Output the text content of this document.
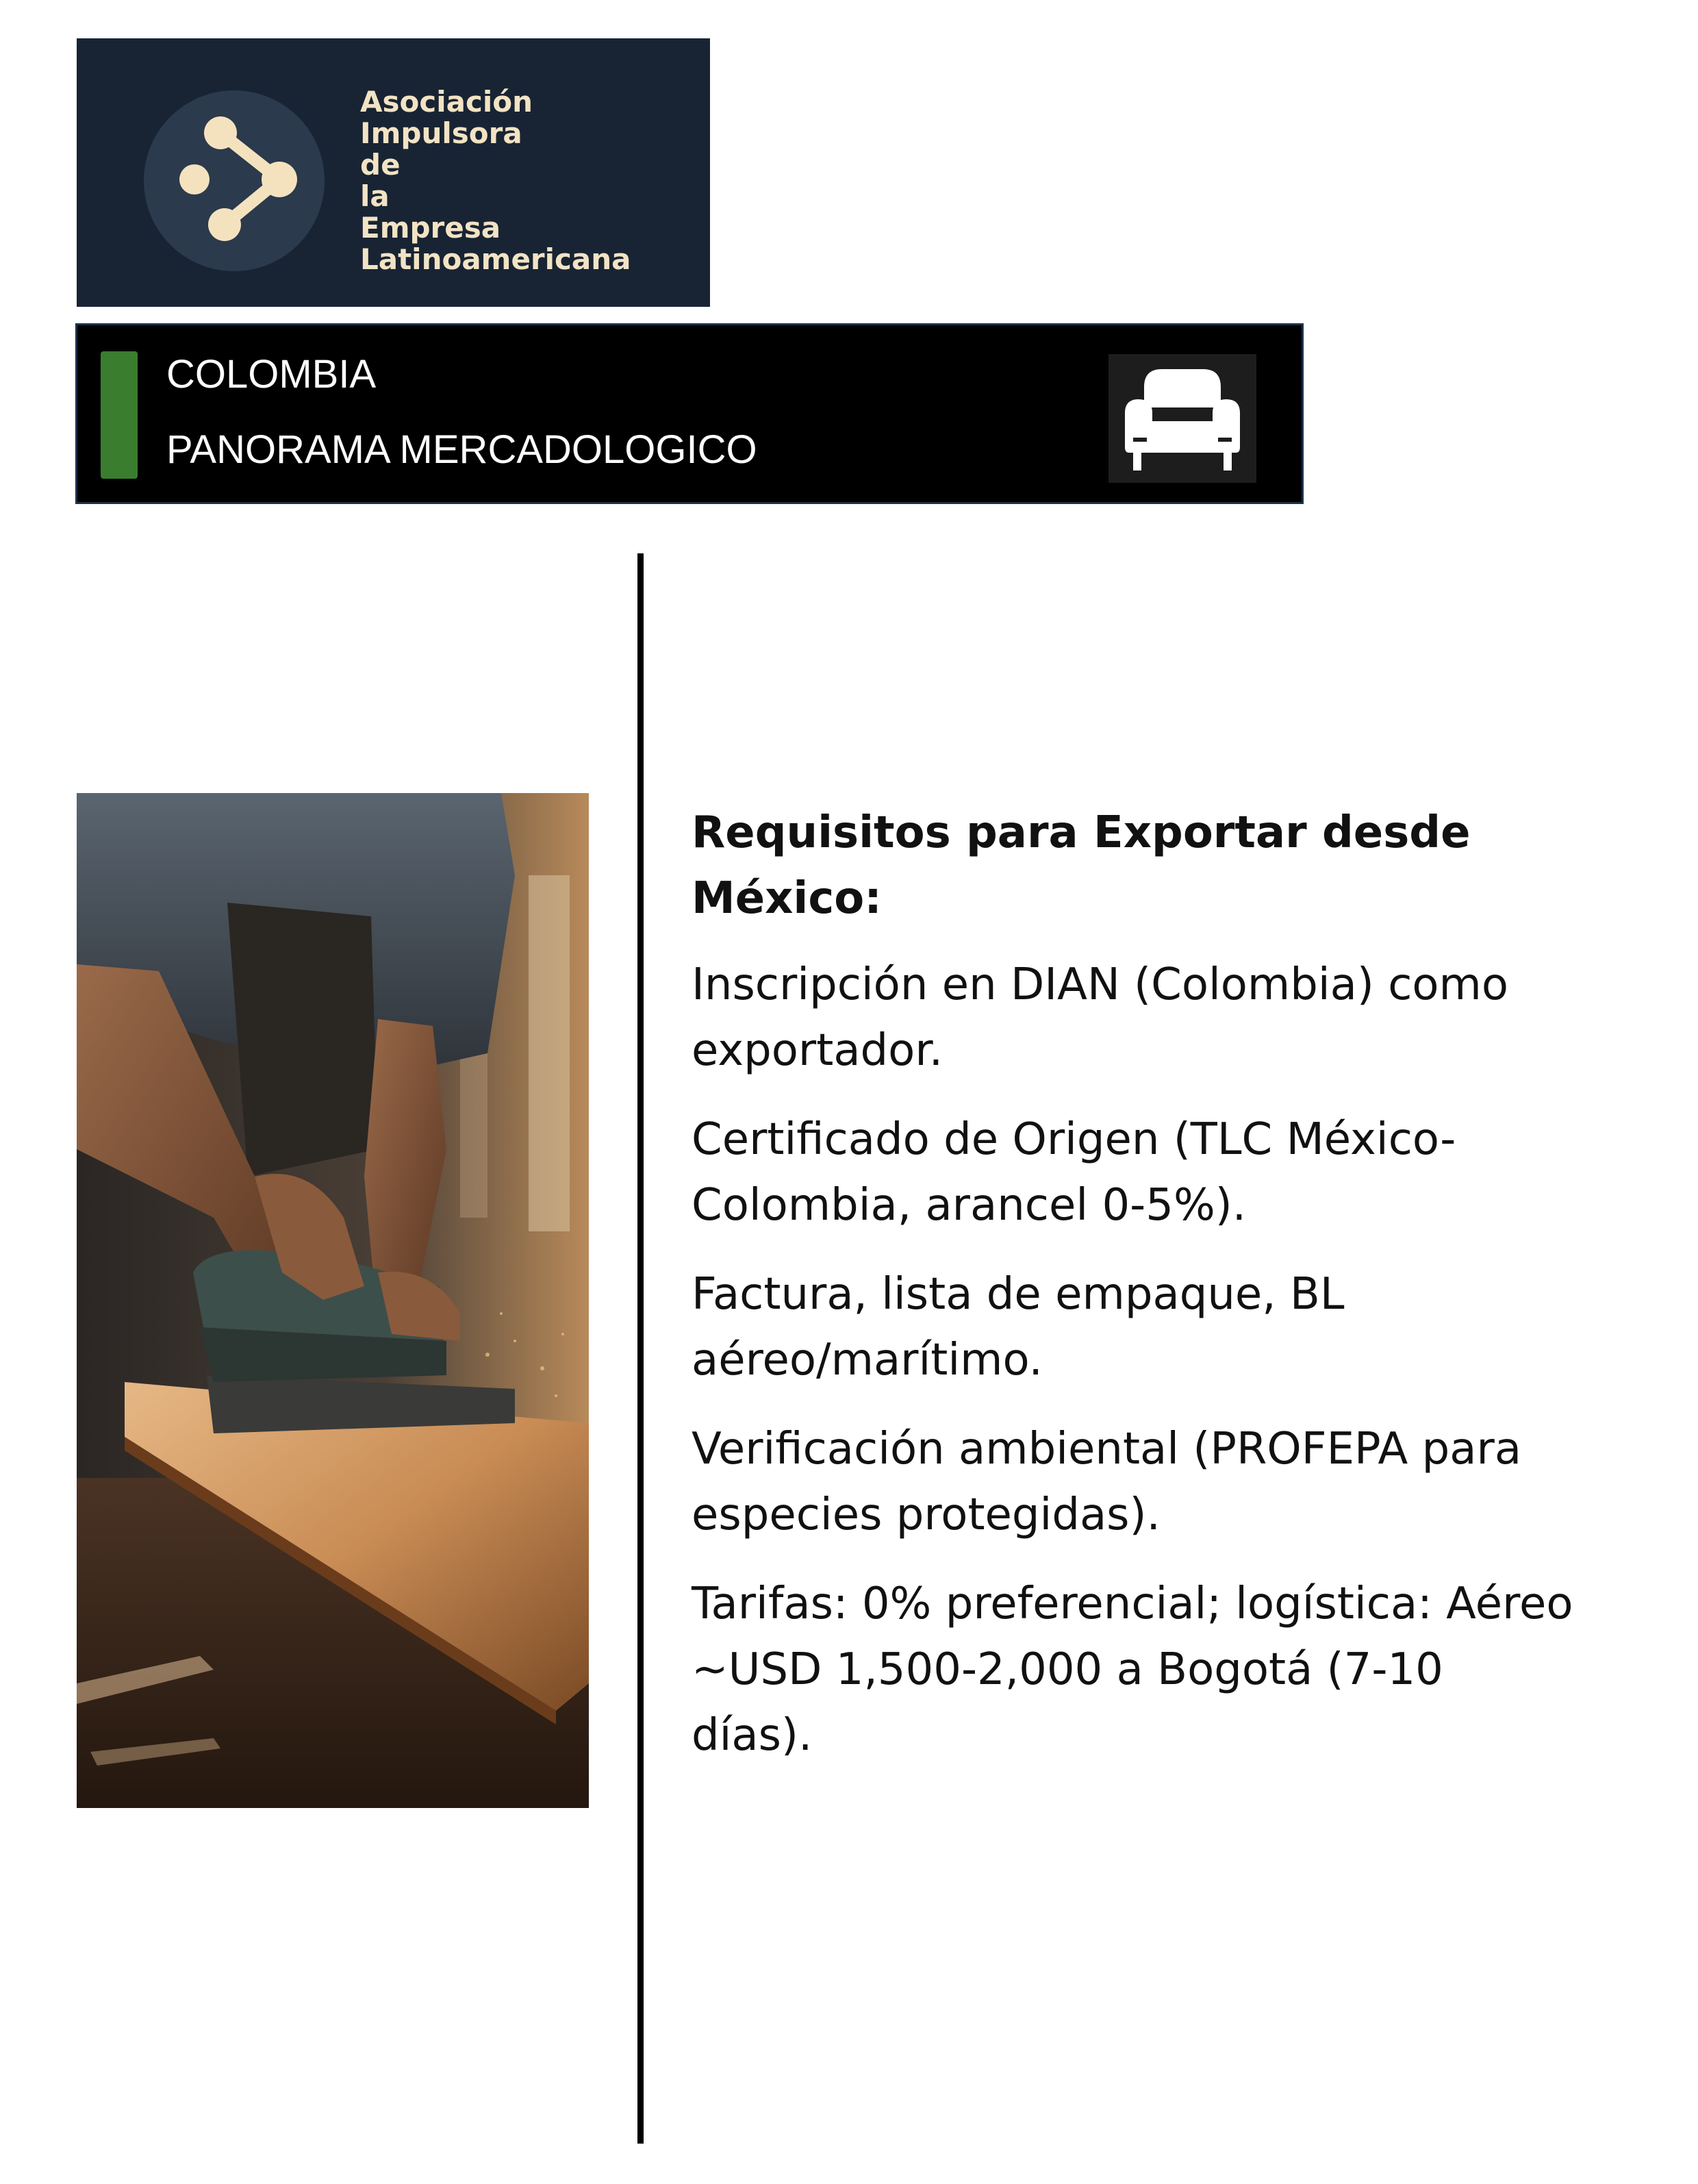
Asociación
Impulsora
de
la
Empresa
Latinoamericana
COLOMBIA
PANORAMA MERCADOLOGICO
Requisitos para Exportar desde México:
Inscripción en DIAN (Colombia) como exportador.
Certificado de Origen (TLC México-Colombia, arancel 0-5%).
Factura, lista de empaque, BL aéreo/marítimo.
Verificación ambiental (PROFEPA para especies protegidas).
Tarifas: 0% preferencial; logística: Aéreo ~USD 1,500-2,000 a Bogotá (7-10 días).
